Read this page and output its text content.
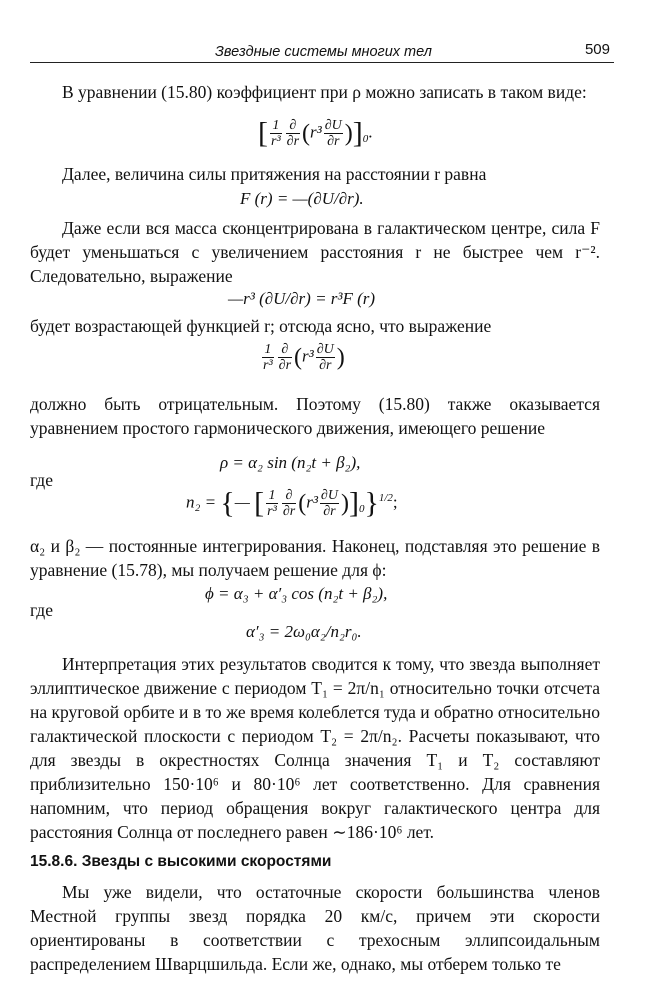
Звездные системы многих тел	509
В уравнении (15.80) коэффициент при ρ можно записать в таком виде:
[ $\frac{1}{\text{r³}} \frac{\partial}{\partial r} (r^3 \frac{\partial U}{\partial r} )]_0$.
Далее, величина силы притяжения на расстоянии r равна
F (r) = —(∂U/∂r).
Даже если вся масса сконцентрирована в галактическом центре, сила F будет уменьшаться с увеличением расстояния r не быстрее чем r⁻². Следовательно, выражение
—r³ (∂U/∂r) = r³F (r)
будет возрастающей функцией r; отсюда ясно, что выражение
$\frac{1}{\text{r³}} \frac{\partial}{\partial r} (r^3 \frac{\partial U}{\partial r}$ )
должно быть отрицательным. Поэтому (15.80) также оказывается уравнением простого гармонического движения, имеющего решение
ρ = α₂ sin (n₂t + β₂),
где
n₂ = {— [ $\frac{1}{\text{r³}} \frac{\partial}{\partial r} (r^3 \frac{\partial U}{\partial r} )]_0\}^{1/2}$;
α₂ и β₂ — постоянные интегрирования. Наконец, подставляя это решение в уравнение (15.78), мы получаем решение для ϕ:
ϕ = α₃ + α′₃ cos (n₂t + β₂),
где
α′₃ = 2ω₀α₂/n₂r₀.
Интерпретация этих результатов сводится к тому, что звезда выполняет эллиптическое движение с периодом T₁ = 2π/n₁ относительно точки отсчета на круговой орбите и в то же время колеблется туда и обратно относительно галактической плоскости с периодом T₂ = 2π/n₂. Расчеты показывают, что для звезды в окрестностях Солнца значения T₁ и T₂ составляют приблизительно 150·10⁶ и 80·10⁶ лет соответственно. Для сравнения напомним, что период обращения вокруг галактического центра для расстояния Солнца от последнего равен ∼186·10⁶ лет.
15.8.6. Звезды с высокими скоростями
Мы уже видели, что остаточные скорости большинства членов Местной группы звезд порядка 20 км/с, причем эти скорости ориентированы в соответствии с трехосным эллипсоидальным распределением Шварцшильда. Если же, однако, мы отберем только те
